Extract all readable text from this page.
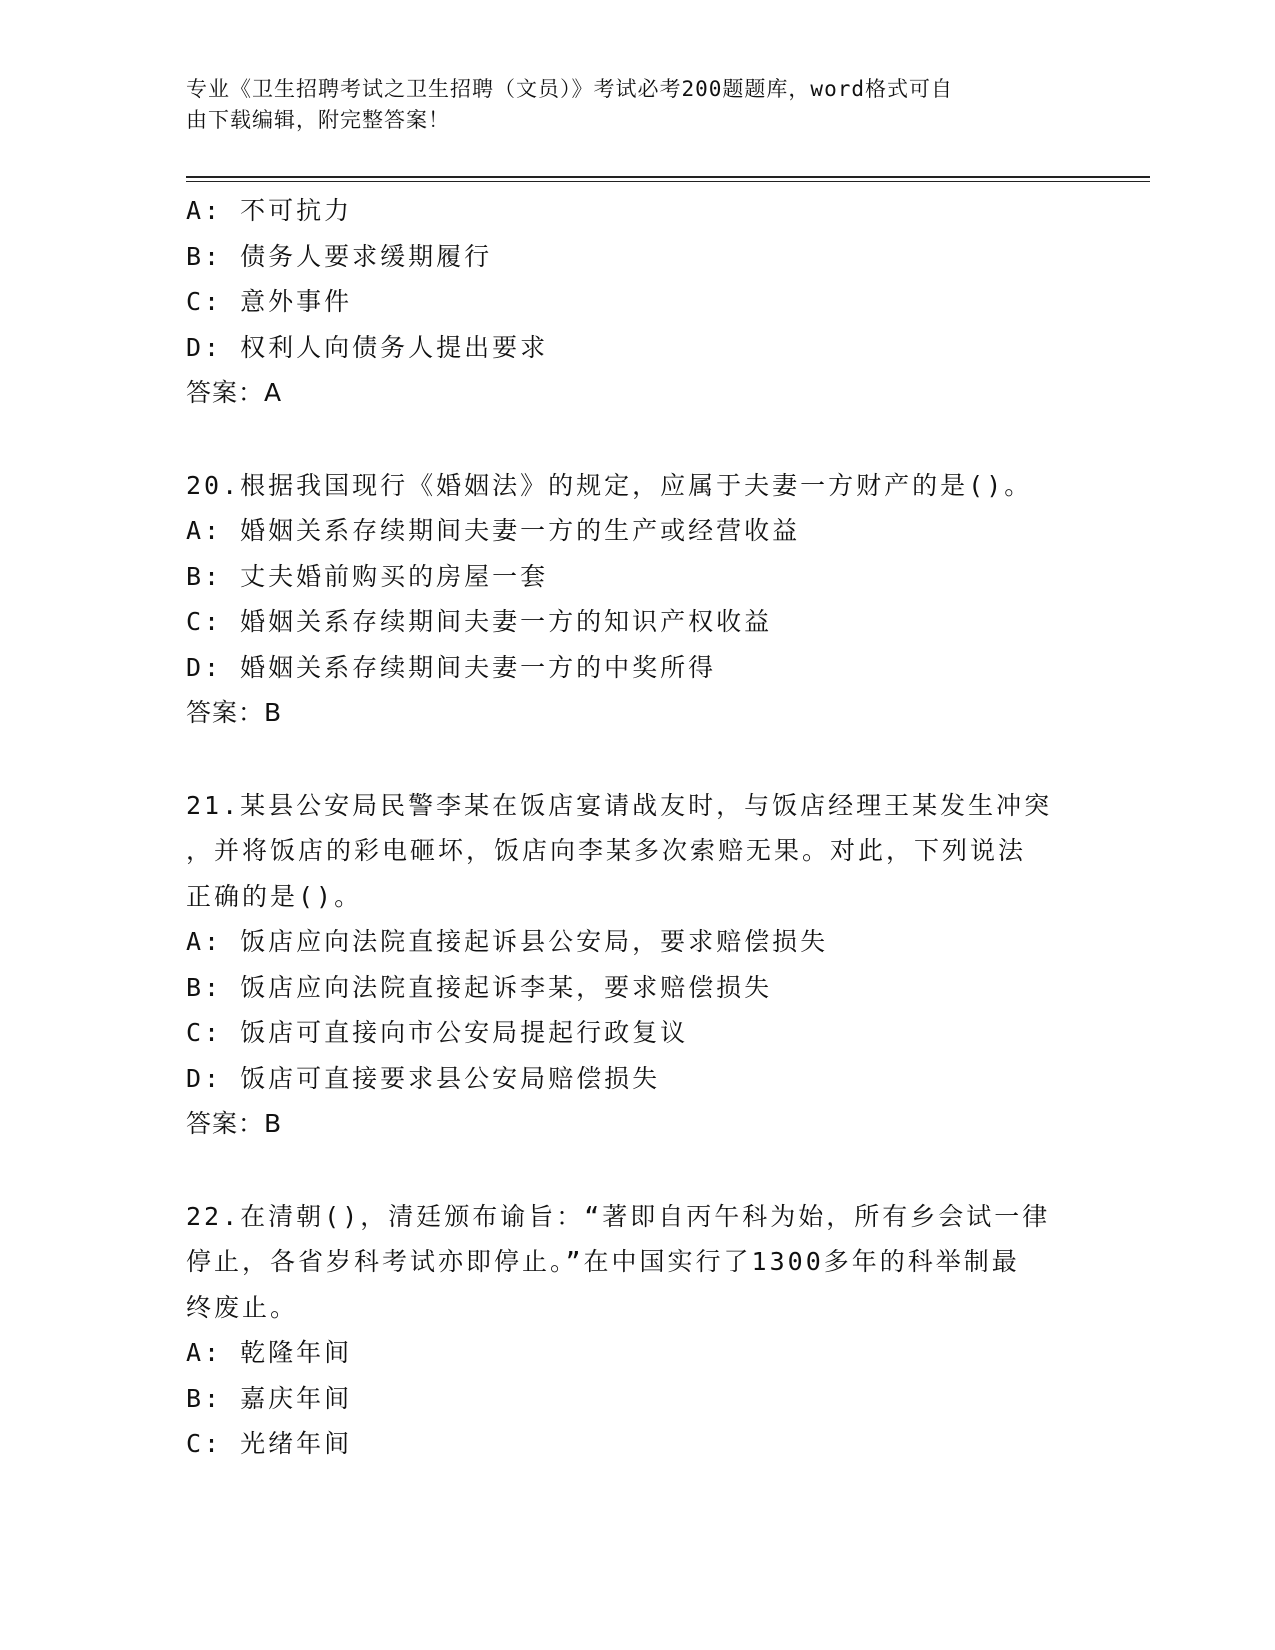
专业《卫生招聘考试之卫生招聘（文员）》考试必考200题题库，word格式可自
由下载编辑，附完整答案！
A: 不可抗力
B: 债务人要求缓期履行
C: 意外事件
D: 权利人向债务人提出要求
答案：A
20.根据我国现行《婚姻法》的规定，应属于夫妻一方财产的是()。
A: 婚姻关系存续期间夫妻一方的生产或经营收益
B: 丈夫婚前购买的房屋一套
C: 婚姻关系存续期间夫妻一方的知识产权收益
D: 婚姻关系存续期间夫妻一方的中奖所得
答案：B
21.某县公安局民警李某在饭店宴请战友时，与饭店经理王某发生冲突
，并将饭店的彩电砸坏，饭店向李某多次索赔无果。对此，下列说法
正确的是()。
A: 饭店应向法院直接起诉县公安局，要求赔偿损失
B: 饭店应向法院直接起诉李某，要求赔偿损失
C: 饭店可直接向市公安局提起行政复议
D: 饭店可直接要求县公安局赔偿损失
答案：B
22.在清朝()，清廷颁布谕旨：“著即自丙午科为始，所有乡会试一律
停止，各省岁科考试亦即停止。”在中国实行了1300多年的科举制最
终废止。
A: 乾隆年间
B: 嘉庆年间
C: 光绪年间
